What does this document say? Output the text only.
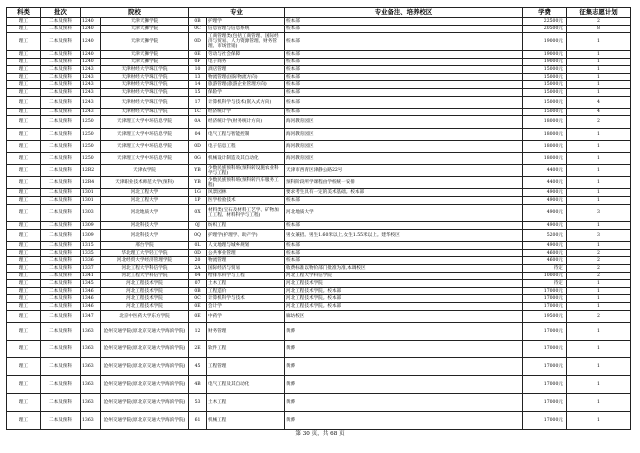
科类	批次	院校		专业		专业备注、培养校区	学费	征集志愿计划
理工	二本及预科	1240	天津天狮学院	0B	护理学	校本部	22500元	2
理工	二本及预科	1240	天津天狮学院	0C	信息管理与信息系统	校本部	20500元	8
理工	二本及预科	1240	天津天狮学院	0D	工商管理类(包括工商管理、国际经济与贸易、人力资源管理、财务管理、市场营销)	校本部	19000元	1
理工	二本及预科	1240	天津天狮学院	0E	劳动与社会保障	校本部	19000元	1
理工	二本及预科	1240	天津天狮学院	0F	电子商务	校本部	19000元	1
理工	二本及预科	1243	天津财经大学珠江学院	10	酒店管理	校本部	15000元	1
理工	二本及预科	1243	天津财经大学珠江学院	13	物流管理(国际物流方向)	校本部	15000元	1
理工	二本及预科	1243	天津财经大学珠江学院	14	旅游管理(旅游企业管理方向)	校本部	15000元	1
理工	二本及预科	1243	天津财经大学珠江学院	15	保险学	校本部	15000元	1
理工	二本及预科	1243	天津财经大学珠江学院	17	计算机科学与技术(嵌入式方向)	校本部	15000元	4
理工	二本及预科	1243	天津财经大学珠江学院	1C	经济统计学	校本部	15000元	4
理工	二本及预科	1250	天津理工大学中环信息学院	0A	经济统计学(财务统计方向)	海河教育园区	18000元	2
理工	二本及预科	1250	天津理工大学中环信息学院	04	电气工程与智能控制	海河教育园区	18000元	1
理工	二本及预科	1250	天津理工大学中环信息学院	0D	电子信息工程	海河教育园区	18000元	1
理工	二本及预科	1250	天津理工大学中环信息学院	0G	机械设计制造及其自动化	海河教育园区	18000元	1
理工	二本及预科	12R2	天津农学院	YB	少数民族预科班(预科转设施农业科学与工程)	天津市西青区津静公路22号	4400元	1
理工	二本及预科	12R4	天津职业技术师范大学(预科)	YB	少数民族预科班(预科转汽车服务工程)	预科阶段所学课程由学校统一安排	4400元	1
理工	二本及预科	1301	河北工程大学	1G	风景园林	要求考生具有一定的美术基础。校本部	4900元	1
理工	二本及预科	1301	河北工程大学	1P	医学检验技术	校本部	4900元	1
理工	二本及预科	1303	河北地质大学	0X	材料类(宝石及材料工艺学、矿物加工工程、材料科学与工程)	河北地质大学	4900元	3
理工	二本及预科	1309	河北科技大学	0J	纺织工程	校本部	4900元	1
理工	二本及预科	1309	河北科技大学	0Q	护理学(护理学、助产学)	男女兼招。男生1.60米以上,女生1.55米以上。建华校区	5200元	3
理工	二本及预科	1315	邢台学院	0L	人文地理与城乡规划	校本部	4900元	1
理工	二本及预科	1335	华北理工大学轻工学院	0D	公共事业管理	校本部	4600元	2
理工	二本及预科	1336	河北经贸大学经济管理学院	20	物流管理	校本部	4600元	2
理工	二本及预科	1337	河北工程大学科信学院	2A	国际经济与贸易	收费标准以物价部门批准为准,本调校区	待定	2
理工	二本及预科	1341	河北工程大学科信学院	04	给排水科学与工程	河北工程大学科信学院	10000元	2
理工	二本及预科	1345	河北工程技术学院	07	土木工程	河北工程技术学院	待定	1
理工	二本及预科	1346	河北工程技术学院	0B	工程造价	河北工程技术学院。校本部	17000元	1
理工	二本及预科	1346	河北工程技术学院	0C	计算机科学与技术	河北工程技术学院。校本部	17000元	1
理工	二本及预科	1346	河北工程技术学院	0E	会计学	河北工程技术学院。校本部	17000元	1
理工	二本及预科	1347	北京中医药大学东方学院	0E	中药学	廊坊校区	19500元	2
理工	二本及预科	1363	沧州交通学院(原北京交通大学海滨学院)	12	财务管理	黄骅	17000元	1
理工	二本及预科	1363	沧州交通学院(原北京交通大学海滨学院)	2E	软件工程	黄骅	17000元	1
理工	二本及预科	1363	沧州交通学院(原北京交通大学海滨学院)	45	工程管理	黄骅	17000元	1
理工	二本及预科	1363	沧州交通学院(原北京交通大学海滨学院)	4B	电气工程及其自动化	黄骅	17000元	1
理工	二本及预科	1363	沧州交通学院(原北京交通大学海滨学院)	53	土木工程	黄骅	17000元	1
理工	二本及预科	1363	沧州交通学院(原北京交通大学海滨学院)	61	机械工程	黄骅	17000元	1
第 30 页，共 68 页
